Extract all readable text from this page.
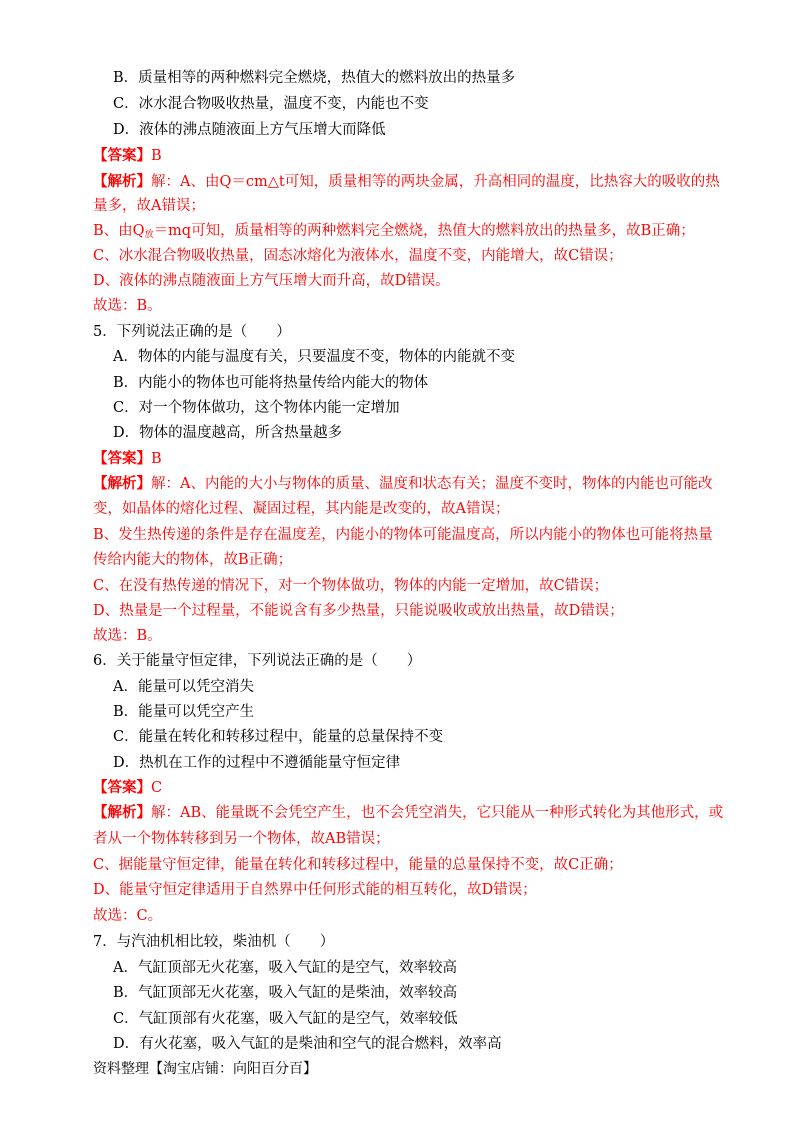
B．质量相等的两种燃料完全燃烧，热值大的燃料放出的热量多
C．冰水混合物吸收热量，温度不变，内能也不变
D．液体的沸点随液面上方气压增大而降低
【答案】B
【解析】解：A、由Q＝cm△t可知，质量相等的两块金属，升高相同的温度，比热容大的吸收的热
量多，故A错误；
B、由$Q_放=mq$可知，质量相等的两种燃料完全燃烧，热值大的燃料放出的热量多，故B正确；
C、冰水混合物吸收热量，固态冰熔化为液体水，温度不变，内能增大，故C错误；
D、液体的沸点随液面上方气压增大而升高，故D错误。
故选：B。
5．下列说法正确的是（　　）
A．物体的内能与温度有关，只要温度不变，物体的内能就不变
B．内能小的物体也可能将热量传给内能大的物体
C．对一个物体做功，这个物体内能一定增加
D．物体的温度越高，所含热量越多
【答案】B
【解析】解：A、内能的大小与物体的质量、温度和状态有关；温度不变时，物体的内能也可能改
变，如晶体的熔化过程、凝固过程，其内能是改变的，故A错误；
B、发生热传递的条件是存在温度差，内能小的物体可能温度高，所以内能小的物体也可能将热量
传给内能大的物体，故B正确；
C、在没有热传递的情况下，对一个物体做功，物体的内能一定增加，故C错误；
D、热量是一个过程量，不能说含有多少热量，只能说吸收或放出热量，故D错误；
故选：B。
6．关于能量守恒定律，下列说法正确的是（　　）
A．能量可以凭空消失
B．能量可以凭空产生
C．能量在转化和转移过程中，能量的总量保持不变
D．热机在工作的过程中不遵循能量守恒定律
【答案】C
【解析】解：AB、能量既不会凭空产生，也不会凭空消失，它只能从一种形式转化为其他形式，或
者从一个物体转移到另一个物体，故AB错误；
C、据能量守恒定律，能量在转化和转移过程中，能量的总量保持不变，故C正确；
D、能量守恒定律适用于自然界中任何形式能的相互转化，故D错误；
故选：C。
7．与汽油机相比较，柴油机（　　）
A．气缸顶部无火花塞，吸入气缸的是空气，效率较高
B．气缸顶部无火花塞，吸入气缸的是柴油，效率较高
C．气缸顶部有火花塞，吸入气缸的是空气，效率较低
D．有火花塞，吸入气缸的是柴油和空气的混合燃料，效率高
资料整理【淘宝店铺：向阳百分百】
